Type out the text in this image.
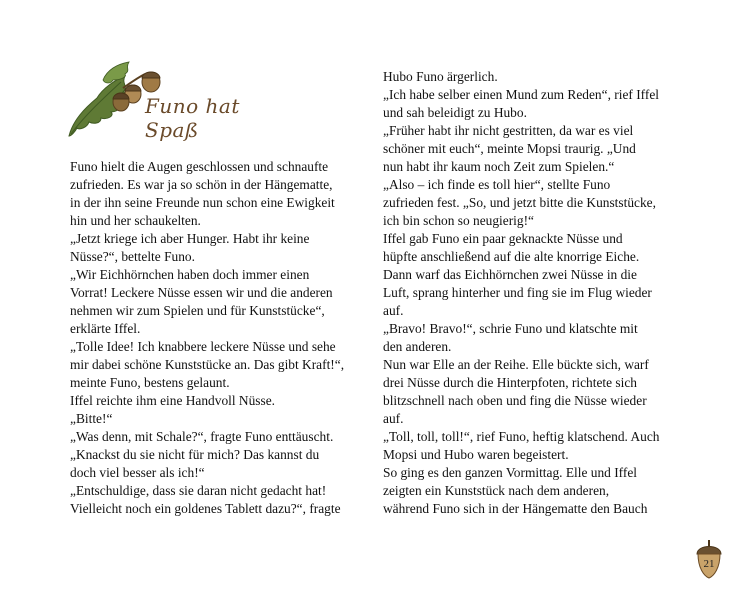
Funo hat Spaß

Funo hielt die Augen geschlossen und schnaufte

zufrieden. Es war ja so schön in der Hängematte,

in der ihn seine Freunde nun schon eine Ewigkeit

hin und her schaukelten.

„Jetzt kriege ich aber Hunger. Habt ihr keine

Nüsse?“, bettelte Funo.

„Wir Eichhörnchen haben doch immer einen

Vorrat! Leckere Nüsse essen wir und die anderen

nehmen wir zum Spielen und für Kunststücke“,

erklärte Iffel.

„Tolle Idee! Ich knabbere leckere Nüsse und sehe

mir dabei schöne Kunststücke an. Das gibt Kraft!“,

meinte Funo, bestens gelaunt.

Iffel reichte ihm eine Handvoll Nüsse.

„Bitte!“

„Was denn, mit Schale?“, fragte Funo enttäuscht.

„Knackst du sie nicht für mich? Das kannst du

doch viel besser als ich!“

„Entschuldige, dass sie daran nicht gedacht hat!

Vielleicht noch ein goldenes Tablett dazu?“, fragte

Hubo Funo ärgerlich.

„Ich habe selber einen Mund zum Reden“, rief Iffel

und sah beleidigt zu Hubo.

„Früher habt ihr nicht gestritten, da war es viel

schöner mit euch“, meinte Mopsi traurig. „Und

nun habt ihr kaum noch Zeit zum Spielen.“

„Also – ich finde es toll hier“, stellte Funo

zufrieden fest. „So, und jetzt bitte die Kunststücke,

ich bin schon so neugierig!“

Iffel gab Funo ein paar geknackte Nüsse und

hüpfte anschließend auf die alte knorrige Eiche.

Dann warf das Eichhörnchen zwei Nüsse in die

Luft, sprang hinterher und fing sie im Flug wieder

auf.

„Bravo! Bravo!“, schrie Funo und klatschte mit

den anderen.

Nun war Elle an der Reihe. Elle bückte sich, warf

drei Nüsse durch die Hinterpfoten, richtete sich

blitzschnell nach oben und fing die Nüsse wieder

auf.

„Toll, toll, toll!“, rief Funo, heftig klatschend. Auch

Mopsi und Hubo waren begeistert.

So ging es den ganzen Vormittag. Elle und Iffel

zeigten ein Kunststück nach dem anderen,

während Funo sich in der Hängematte den Bauch

21
